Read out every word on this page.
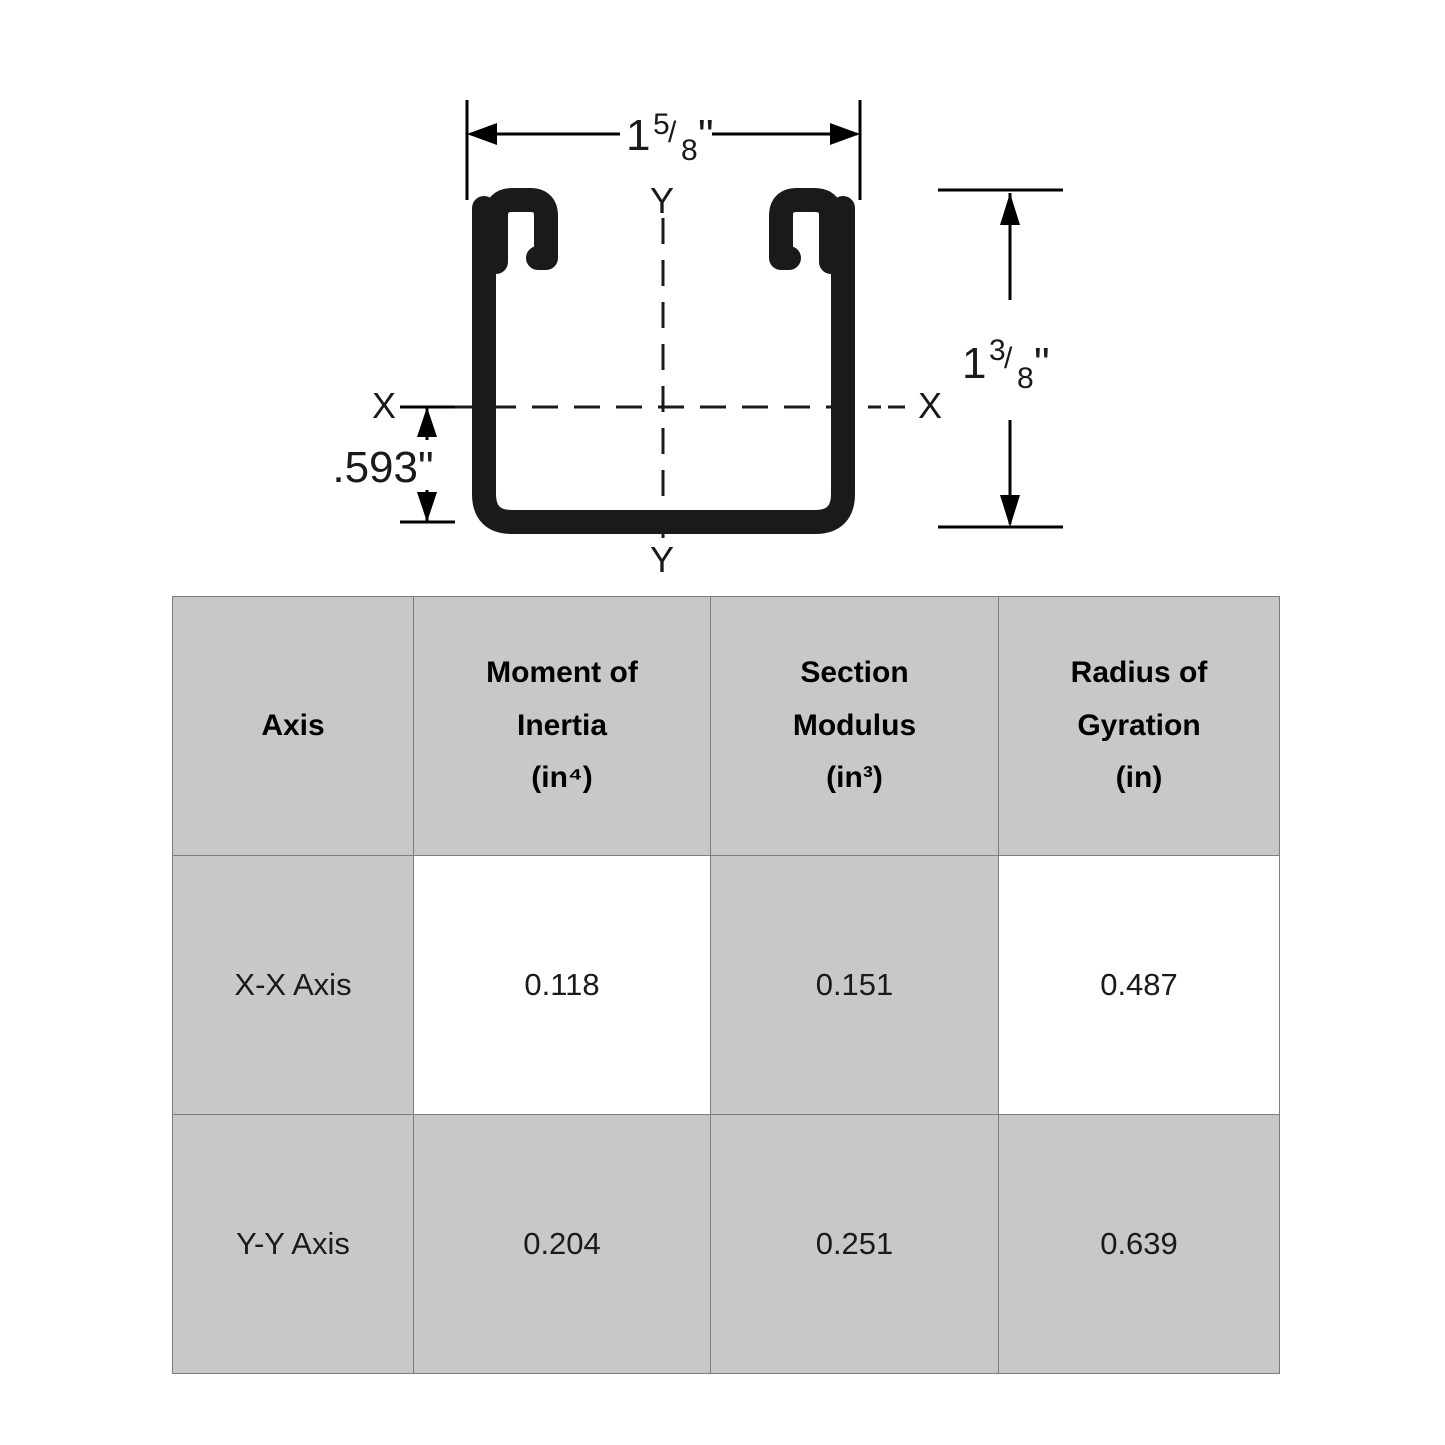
1 5
/
8 "
X	X
Y
Y
.593"
1 3
/
8 "
Axis	Moment of
Inertia
(in⁴)	Section
Modulus
(in³)	Radius of
Gyration
(in)

X-X Axis	0.118	0.151	0.487
Y-Y Axis	0.204	0.251	0.639
